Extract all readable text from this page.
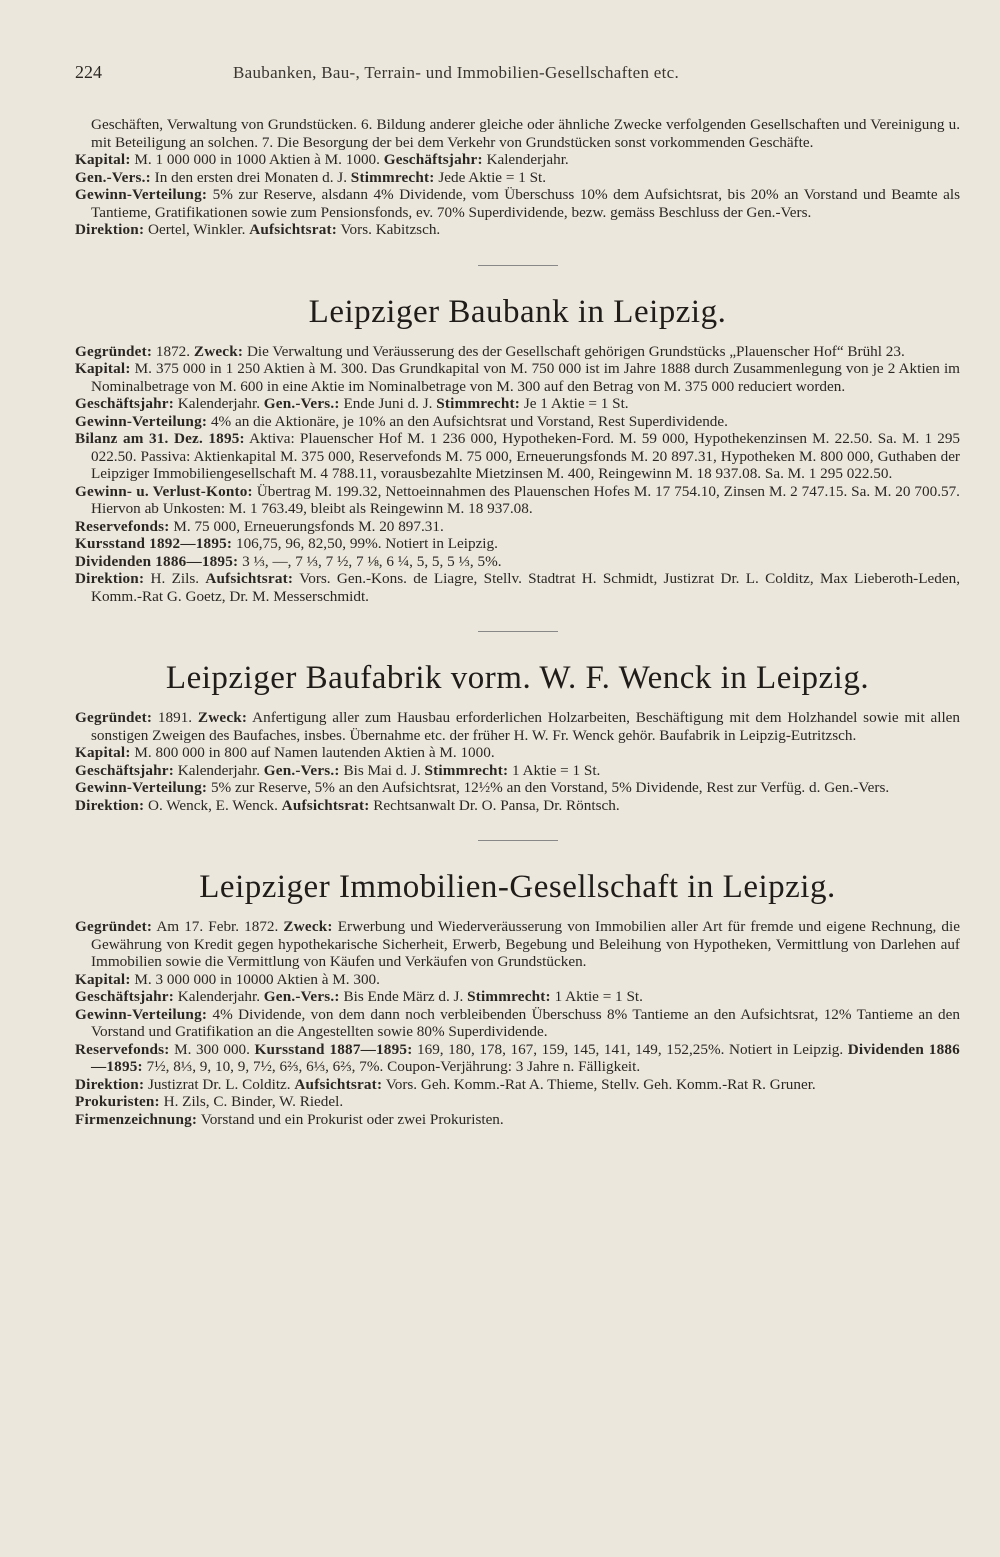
224	Baubanken, Bau-, Terrain- und Immobilien-Gesellschaften etc.

Geschäften, Verwaltung von Grundstücken. 6. Bildung anderer gleiche oder ähnliche Zwecke verfolgenden Gesellschaften und Vereinigung u. mit Beteiligung an solchen. 7. Die Besorgung der bei dem Verkehr von Grundstücken sonst vorkommenden Geschäfte.

Kapital: M. 1 000 000 in 1000 Aktien à M. 1000. Geschäftsjahr: Kalenderjahr.

Gen.-Vers.: In den ersten drei Monaten d. J. Stimmrecht: Jede Aktie = 1 St.

Gewinn-Verteilung: 5% zur Reserve, alsdann 4% Dividende, vom Überschuss 10% dem Aufsichtsrat, bis 20% an Vorstand und Beamte als Tantieme, Gratifikationen sowie zum Pensionsfonds, ev. 70% Superdividende, bezw. gemäss Beschluss der Gen.-Vers.

Direktion: Oertel, Winkler. Aufsichtsrat: Vors. Kabitzsch.

Leipziger Baubank in Leipzig.

Gegründet: 1872. Zweck: Die Verwaltung und Veräusserung des der Gesellschaft gehörigen Grundstücks „Plauenscher Hof“ Brühl 23.

Kapital: M. 375 000 in 1 250 Aktien à M. 300. Das Grundkapital von M. 750 000 ist im Jahre 1888 durch Zusammenlegung von je 2 Aktien im Nominalbetrage von M. 600 in eine Aktie im Nominalbetrage von M. 300 auf den Betrag von M. 375 000 reduciert worden.

Geschäftsjahr: Kalenderjahr. Gen.-Vers.: Ende Juni d. J. Stimmrecht: Je 1 Aktie = 1 St.

Gewinn-Verteilung: 4% an die Aktionäre, je 10% an den Aufsichtsrat und Vorstand, Rest Superdividende.

Bilanz am 31. Dez. 1895: Aktiva: Plauenscher Hof M. 1 236 000, Hypotheken-Ford. M. 59 000, Hypothekenzinsen M. 22.50. Sa. M. 1 295 022.50. Passiva: Aktienkapital M. 375 000, Reservefonds M. 75 000, Erneuerungsfonds M. 20 897.31, Hypotheken M. 800 000, Guthaben der Leipziger Immobiliengesellschaft M. 4 788.11, vorausbezahlte Mietzinsen M. 400, Reingewinn M. 18 937.08. Sa. M. 1 295 022.50.

Gewinn- u. Verlust-Konto: Übertrag M. 199.32, Nettoeinnahmen des Plauenschen Hofes M. 17 754.10, Zinsen M. 2 747.15. Sa. M. 20 700.57. Hiervon ab Unkosten: M. 1 763.49, bleibt als Reingewinn M. 18 937.08.

Reservefonds: M. 75 000, Erneuerungsfonds M. 20 897.31.

Kursstand 1892—1895: 106,75, 96, 82,50, 99%. Notiert in Leipzig.

Dividenden 1886—1895: 3 ⅓, —, 7 ⅓, 7 ½, 7 ⅛, 6 ¼, 5, 5, 5 ⅓, 5%.

Direktion: H. Zils. Aufsichtsrat: Vors. Gen.-Kons. de Liagre, Stellv. Stadtrat H. Schmidt, Justizrat Dr. L. Colditz, Max Lieberoth-Leden, Komm.-Rat G. Goetz, Dr. M. Messerschmidt.

Leipziger Baufabrik vorm. W. F. Wenck in Leipzig.

Gegründet: 1891. Zweck: Anfertigung aller zum Hausbau erforderlichen Holzarbeiten, Beschäftigung mit dem Holzhandel sowie mit allen sonstigen Zweigen des Baufaches, insbes. Übernahme etc. der früher H. W. Fr. Wenck gehör. Baufabrik in Leipzig-Eutritzsch.

Kapital: M. 800 000 in 800 auf Namen lautenden Aktien à M. 1000.

Geschäftsjahr: Kalenderjahr. Gen.-Vers.: Bis Mai d. J. Stimmrecht: 1 Aktie = 1 St.

Gewinn-Verteilung: 5% zur Reserve, 5% an den Aufsichtsrat, 12½% an den Vorstand, 5% Dividende, Rest zur Verfüg. d. Gen.-Vers.

Direktion: O. Wenck, E. Wenck. Aufsichtsrat: Rechtsanwalt Dr. O. Pansa, Dr. Röntsch.

Leipziger Immobilien-Gesellschaft in Leipzig.

Gegründet: Am 17. Febr. 1872. Zweck: Erwerbung und Wiederveräusserung von Immobilien aller Art für fremde und eigene Rechnung, die Gewährung von Kredit gegen hypothekarische Sicherheit, Erwerb, Begebung und Beleihung von Hypotheken, Vermittlung von Darlehen auf Immobilien sowie die Vermittlung von Käufen und Verkäufen von Grundstücken.

Kapital: M. 3 000 000 in 10000 Aktien à M. 300.

Geschäftsjahr: Kalenderjahr. Gen.-Vers.: Bis Ende März d. J. Stimmrecht: 1 Aktie = 1 St.

Gewinn-Verteilung: 4% Dividende, von dem dann noch verbleibenden Überschuss 8% Tantieme an den Aufsichtsrat, 12% Tantieme an den Vorstand und Gratifikation an die Angestellten sowie 80% Superdividende.

Reservefonds: M. 300 000. Kursstand 1887—1895: 169, 180, 178, 167, 159, 145, 141, 149, 152,25%. Notiert in Leipzig. Dividenden 1886—1895: 7½, 8⅓, 9, 10, 9, 7½, 6⅔, 6⅓, 6⅔, 7%. Coupon-Verjährung: 3 Jahre n. Fälligkeit.

Direktion: Justizrat Dr. L. Colditz. Aufsichtsrat: Vors. Geh. Komm.-Rat A. Thieme, Stellv. Geh. Komm.-Rat R. Gruner.

Prokuristen: H. Zils, C. Binder, W. Riedel.

Firmenzeichnung: Vorstand und ein Prokurist oder zwei Prokuristen.
